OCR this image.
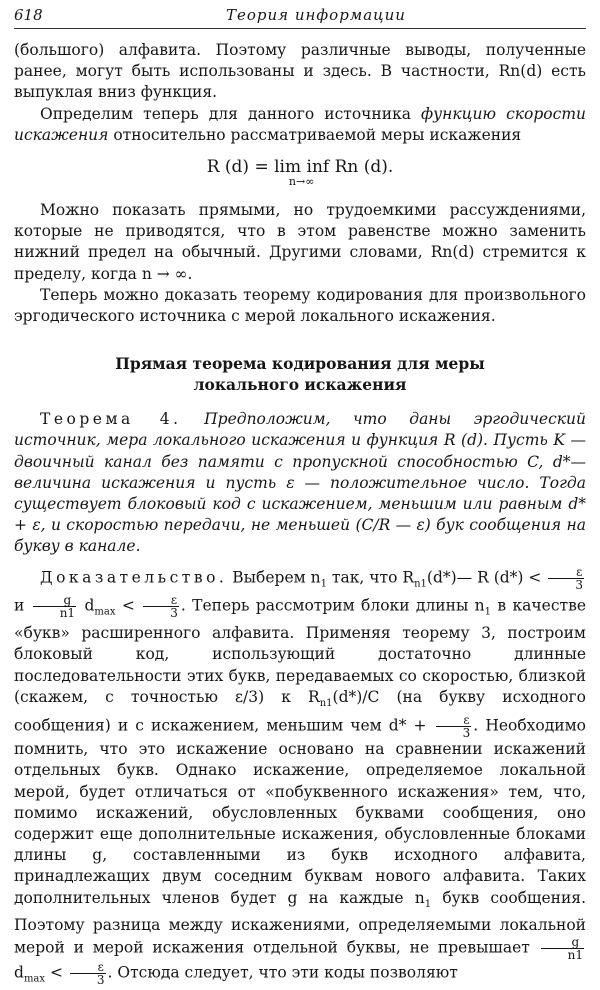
618	Теория информации

(большого) алфавита. Поэтому различные выводы, полученные ранее, могут быть использованы и здесь. В частности, Rn(d) есть выпуклая вниз функция.

Определим теперь для данного источника функцию скорости искажения относительно рассматриваемой меры искажения

R (d) = lim inf
n→∞
Rn (d).

Можно показать прямыми, но трудоемкими рассуждениями, которые не приводятся, что в этом равенстве можно заменить нижний предел на обычный. Другими словами, Rn(d) стремится к пределу, когда n → ∞.

Теперь можно доказать теорему кодирования для произвольного эргодического источника с мерой локального искажения.

Прямая теорема кодирования для меры
локального искажения

Теорема 4. Предположим, что даны эргодический источник, мера локального искажения и функция R (d). Пусть K — двоичный канал без памяти с пропускной способностью C, d*— величина искажения и пусть ε — положительное число. Тогда существует блоковый код с искажением, меньшим или равным d* + ε, и скоростью передачи, не меньшей (C/R — ε) бук сообщения на букву в канале.

Доказательство. Выберем $n_1$ так, что $R_{n1}(d*)—$ R $(d*) < \frac{\varepsilon}{3}$
и $\frac{g}{n1} d_{max} < \frac{\varepsilon}{3}$ . Теперь рассмотрим блоки длины $n_1$ в качестве «букв» расширенного алфавита. Применяя теорему 3, построим блоковый код, использующий достаточно длинные последовательности этих букв, передаваемых со скоростью, близкой (скажем, с точностью ε/3) к $R_{n1}(d*)/C$ (на букву исходного сообщения) и с искажением, меньшим чем $d* + \frac{\varepsilon}{3}$ . Необходимо помнить, что это искажение основано на сравнении искажений отдельных букв. Однако искажение, определяемое локальной мерой, будет отличаться от «побуквенного искажения» тем, что, помимо искажений, обусловленных буквами сообщения, оно содержит еще дополнительные искажения, обусловленные блоками длины g, составленными из букв исходного алфавита, принадлежащих двум соседним буквам нового алфавита. Таких дополнительных членов будет g на каждые $n_1$ букв сообщения. Поэтому разница между искажениями, определяемыми локальной мерой и мерой искажения отдельной буквы, не превышает $\frac{g}{n1}$
$d_{max} < \frac{\varepsilon}{3}$ . Отсюда следует, что эти коды позволяют
